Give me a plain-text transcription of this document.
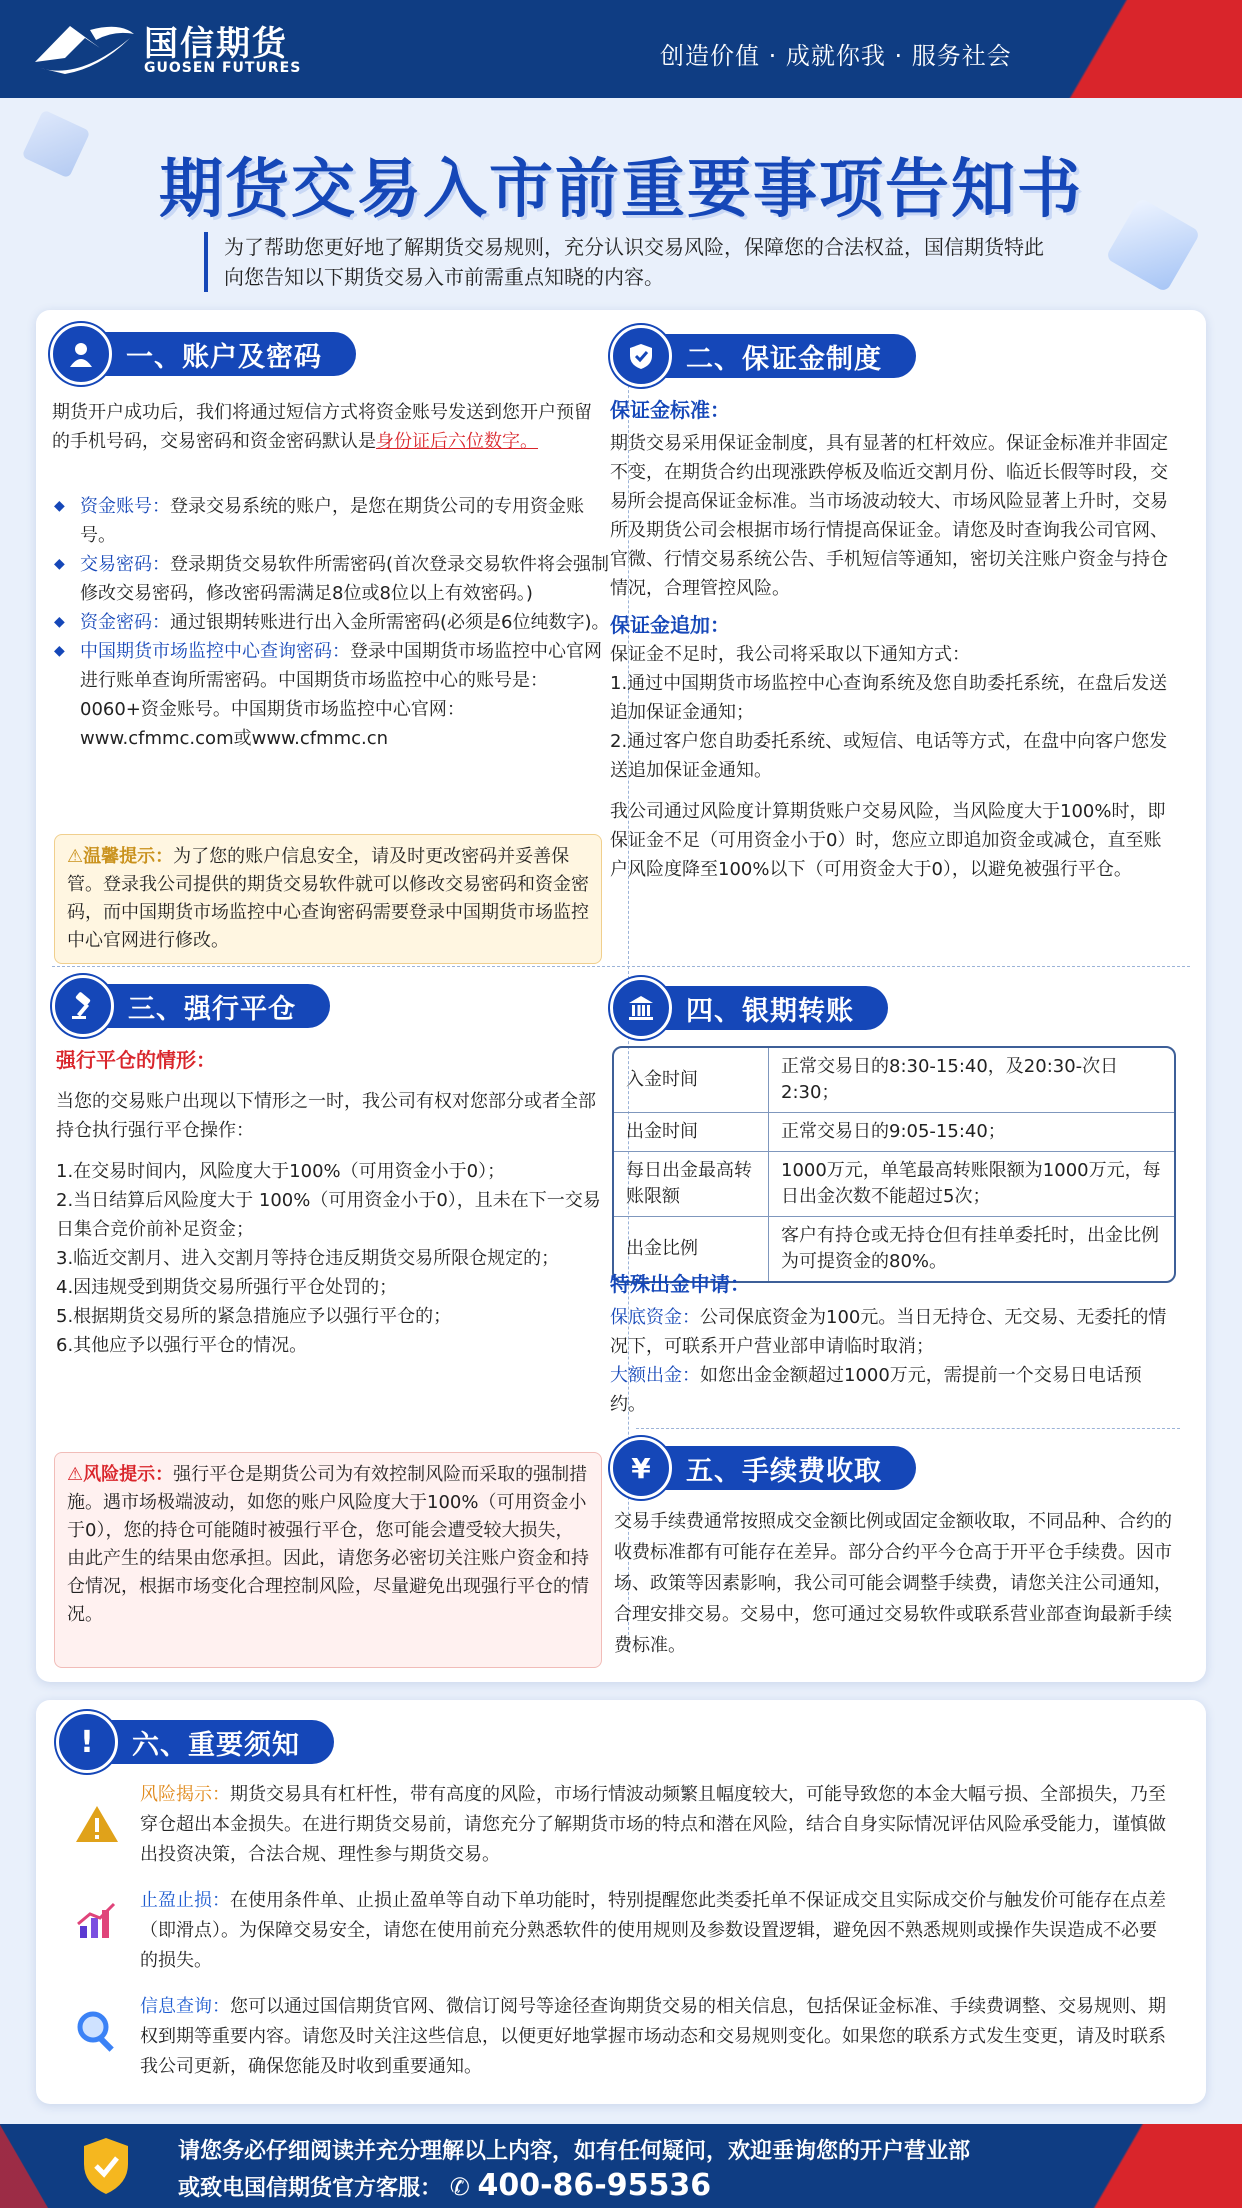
国信期货
GUOSEN FUTURES	创造价值 · 成就你我 · 服务社会
期货交易入市前重要事项告知书
为了帮助您更好地了解期货交易规则，充分认识交易风险，保障您的合法权益，国信期货特此向您告知以下期货交易入市前需重点知晓的内容。
一、账户及密码
期货开户成功后，我们将通过短信方式将资金账号发送到您开户预留的手机号码，交易密码和资金密码默认是身份证后六位数字。
◆ 资金账号：登录交易系统的账户，是您在期货公司的专用资金账号。
◆ 交易密码：登录期货交易软件所需密码(首次登录交易软件将会强制修改交易密码，修改密码需满足8位或8位以上有效密码。)
◆ 资金密码：通过银期转账进行出入金所需密码(必须是6位纯数字)。
◆ 中国期货市场监控中心查询密码：登录中国期货市场监控中心官网进行账单查询所需密码。中国期货市场监控中心的账号是：0060+资金账号。中国期货市场监控中心官网：www.cfmmc.com或www.cfmmc.cn
⚠温馨提示：为了您的账户信息安全，请及时更改密码并妥善保管。登录我公司提供的期货交易软件就可以修改交易密码和资金密码，而中国期货市场监控中心查询密码需要登录中国期货市场监控中心官网进行修改。
二、保证金制度
保证金标准：
期货交易采用保证金制度，具有显著的杠杆效应。保证金标准并非固定不变，在期货合约出现涨跌停板及临近交割月份、临近长假等时段，交易所会提高保证金标准。当市场波动较大、市场风险显著上升时，交易所及期货公司会根据市场行情提高保证金。请您及时查询我公司官网、官微、行情交易系统公告、手机短信等通知，密切关注账户资金与持仓情况，合理管控风险。
保证金追加：
保证金不足时，我公司将采取以下通知方式：
1.通过中国期货市场监控中心查询系统及您自助委托系统，在盘后发送追加保证金通知；
2.通过客户您自助委托系统、或短信、电话等方式，在盘中向客户您发送追加保证金通知。
我公司通过风险度计算期货账户交易风险，当风险度大于100%时，即保证金不足（可用资金小于0）时，您应立即追加资金或减仓，直至账户风险度降至100%以下（可用资金大于0），以避免被强行平仓。
三、强行平仓
强行平仓的情形：
当您的交易账户出现以下情形之一时，我公司有权对您部分或者全部持仓执行强行平仓操作：
1.在交易时间内，风险度大于100%（可用资金小于0）；
2.当日结算后风险度大于 100%（可用资金小于0），且未在下一交易日集合竞价前补足资金；
3.临近交割月、进入交割月等持仓违反期货交易所限仓规定的；
4.因违规受到期货交易所强行平仓处罚的；
5.根据期货交易所的紧急措施应予以强行平仓的；
6.其他应予以强行平仓的情况。
⚠风险提示：强行平仓是期货公司为有效控制风险而采取的强制措施。遇市场极端波动，如您的账户风险度大于100%（可用资金小于0），您的持仓可能随时被强行平仓，您可能会遭受较大损失，由此产生的结果由您承担。因此，请您务必密切关注账户资金和持仓情况，根据市场变化合理控制风险，尽量避免出现强行平仓的情况。
四、银期转账
入金时间	正常交易日的8:30-15:40，及20:30-次日2:30；
出金时间	正常交易日的9:05-15:40；
每日出金最高转账限额	1000万元，单笔最高转账限额为1000万元，每日出金次数不能超过5次；
出金比例	客户有持仓或无持仓但有挂单委托时，出金比例为可提资金的80%。
特殊出金申请：
保底资金：公司保底资金为100元。当日无持仓、无交易、无委托的情况下，可联系开户营业部申请临时取消；
大额出金：如您出金金额超过1000万元，需提前一个交易日电话预约。
¥	五、手续费收取
交易手续费通常按照成交金额比例或固定金额收取，不同品种、合约的收费标准都有可能存在差异。部分合约平今仓高于开平仓手续费。因市场、政策等因素影响，我公司可能会调整手续费，请您关注公司通知，合理安排交易。交易中，您可通过交易软件或联系营业部查询最新手续费标准。
!	六、重要须知
风险揭示：期货交易具有杠杆性，带有高度的风险，市场行情波动频繁且幅度较大，可能导致您的本金大幅亏损、全部损失，乃至穿仓超出本金损失。在进行期货交易前，请您充分了解期货市场的特点和潜在风险，结合自身实际情况评估风险承受能力，谨慎做出投资决策，合法合规、理性参与期货交易。
止盈止损：在使用条件单、止损止盈单等自动下单功能时，特别提醒您此类委托单不保证成交且实际成交价与触发价可能存在点差（即滑点）。为保障交易安全，请您在使用前充分熟悉软件的使用规则及参数设置逻辑，避免因不熟悉规则或操作失误造成不必要的损失。
信息查询：您可以通过国信期货官网、微信订阅号等途径查询期货交易的相关信息，包括保证金标准、手续费调整、交易规则、期权到期等重要内容。请您及时关注这些信息，以便更好地掌握市场动态和交易规则变化。如果您的联系方式发生变更，请及时联系我公司更新，确保您能及时收到重要通知。
请您务必仔细阅读并充分理解以上内容，如有任何疑问，欢迎垂询您的开户营业部
或致电国信期货官方客服： ✆ 400-86-95536
